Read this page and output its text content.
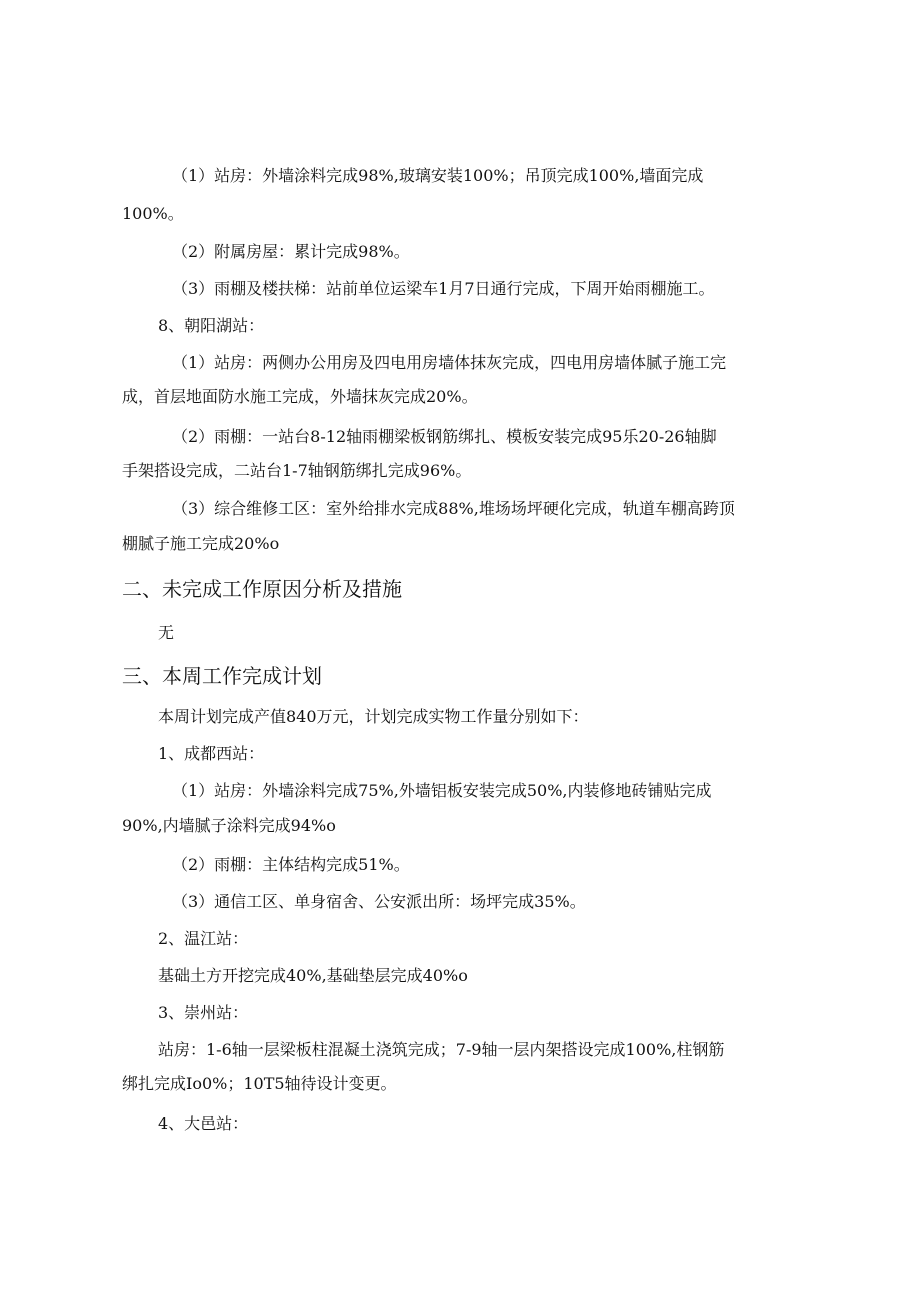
（1）站房：外墙涂料完成98%,玻璃安装100%；吊顶完成100%,墙面完成
100%。
（2）附属房屋：累计完成98%。
（3）雨棚及楼扶梯：站前单位运梁车1月7日通行完成，下周开始雨棚施工。
8、朝阳湖站：
（1）站房：两侧办公用房及四电用房墙体抹灰完成，四电用房墙体腻子施工完
成，首层地面防水施工完成，外墙抹灰完成20%。
（2）雨棚：一站台8-12轴雨棚梁板钢筋绑扎、模板安装完成95乐20-26轴脚
手架搭设完成，二站台1-7轴钢筋绑扎完成96%。
（3）综合维修工区：室外给排水完成88%,堆场场坪硬化完成，轨道车棚高跨顶
棚腻子施工完成20%o
二、未完成工作原因分析及措施
无
三、本周工作完成计划
本周计划完成产值840万元，计划完成实物工作量分别如下：
1、成都西站：
（1）站房：外墙涂料完成75%,外墙铝板安装完成50%,内装修地砖铺贴完成
90%,内墙腻子涂料完成94%o
（2）雨棚：主体结构完成51%。
（3）通信工区、单身宿舍、公安派出所：场坪完成35%。
2、温江站：
基础土方开挖完成40%,基础垫层完成40%o
3、崇州站：
站房：1-6轴一层梁板柱混凝土浇筑完成；7-9轴一层内架搭设完成100%,柱钢筋
绑扎完成Io0%；10T5轴待设计变更。
4、大邑站：
